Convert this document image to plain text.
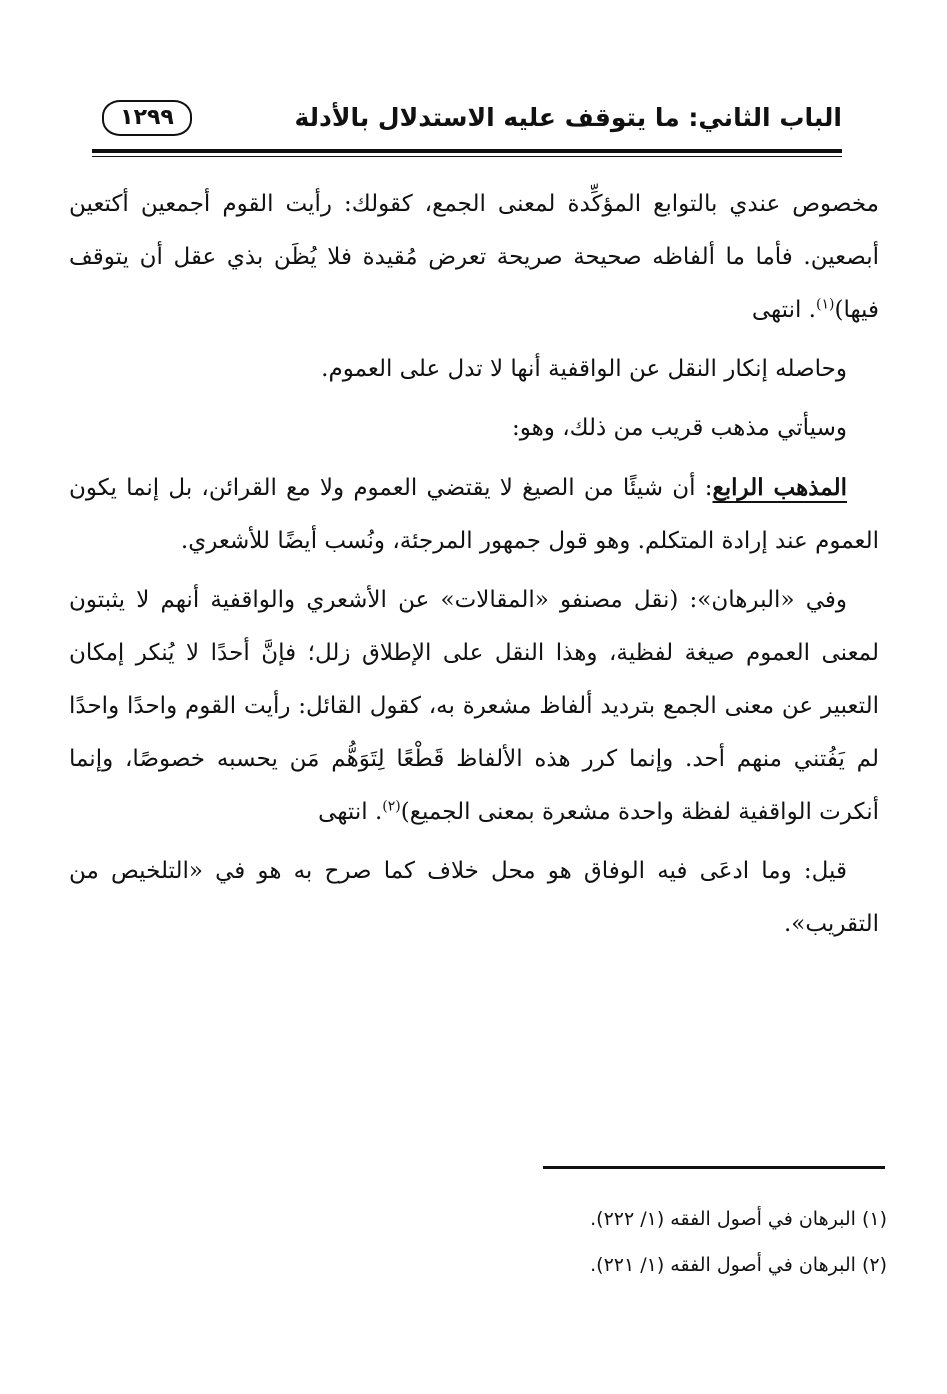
الباب الثاني: ما يتوقف عليه الاستدلال بالأدلة
١٢٩٩

مخصوص عندي بالتوابع المؤكِّدة لمعنى الجمع، كقولك: رأيت القوم أجمعين أكتعين أبصعين. فأما ما ألفاظه صحيحة صريحة تعرض مُقيدة فلا يُظَن بذي عقل أن يتوقف فيها)$^{(١)}$. انتهى

وحاصله إنكار النقل عن الواقفية أنها لا تدل على العموم.

وسيأتي مذهب قريب من ذلك، وهو:

المذهب الرابع: أن شيئًا من الصيغ لا يقتضي العموم ولا مع القرائن، بل إنما يكون العموم عند إرادة المتكلم. وهو قول جمهور المرجئة، ونُسب أيضًا للأشعري.

وفي «البرهان»: (نقل مصنفو «المقالات» عن الأشعري والواقفية أنهم لا يثبتون لمعنى العموم صيغة لفظية، وهذا النقل على الإطلاق زلل؛ فإنَّ أحدًا لا يُنكر إمكان التعبير عن معنى الجمع بترديد ألفاظ مشعرة به، كقول القائل: رأيت القوم واحدًا واحدًا لم يَفُتني منهم أحد. وإنما كرر هذه الألفاظ قَطْعًا لِتَوَهُّم مَن يحسبه خصوصًا، وإنما أنكرت الواقفية لفظة واحدة مشعرة بمعنى الجميع)$^{(٢)}$. انتهى

قيل: وما ادعَى فيه الوفاق هو محل خلاف كما صرح به هو في «التلخيص من التقريب».

(١) البرهان في أصول الفقه (١/ ٢٢٢).

(٢) البرهان في أصول الفقه (١/ ٢٢١).
